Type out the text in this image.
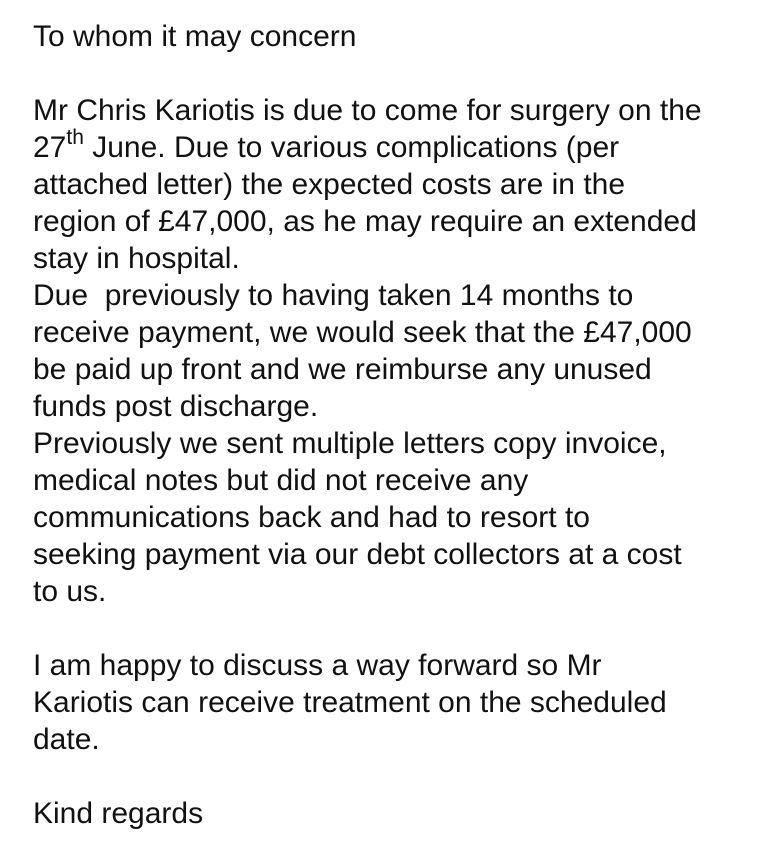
To whom it may concern
Mr Chris Kariotis is due to come for surgery on the
27th June. Due to various complications (per
attached letter) the expected costs are in the
region of £47,000, as he may require an extended
stay in hospital.
Due  previously to having taken 14 months to
receive payment, we would seek that the £47,000
be paid up front and we reimburse any unused
funds post discharge.
Previously we sent multiple letters copy invoice,
medical notes but did not receive any
communications back and had to resort to
seeking payment via our debt collectors at a cost
to us.
I am happy to discuss a way forward so Mr
Kariotis can receive treatment on the scheduled
date.
Kind regards
